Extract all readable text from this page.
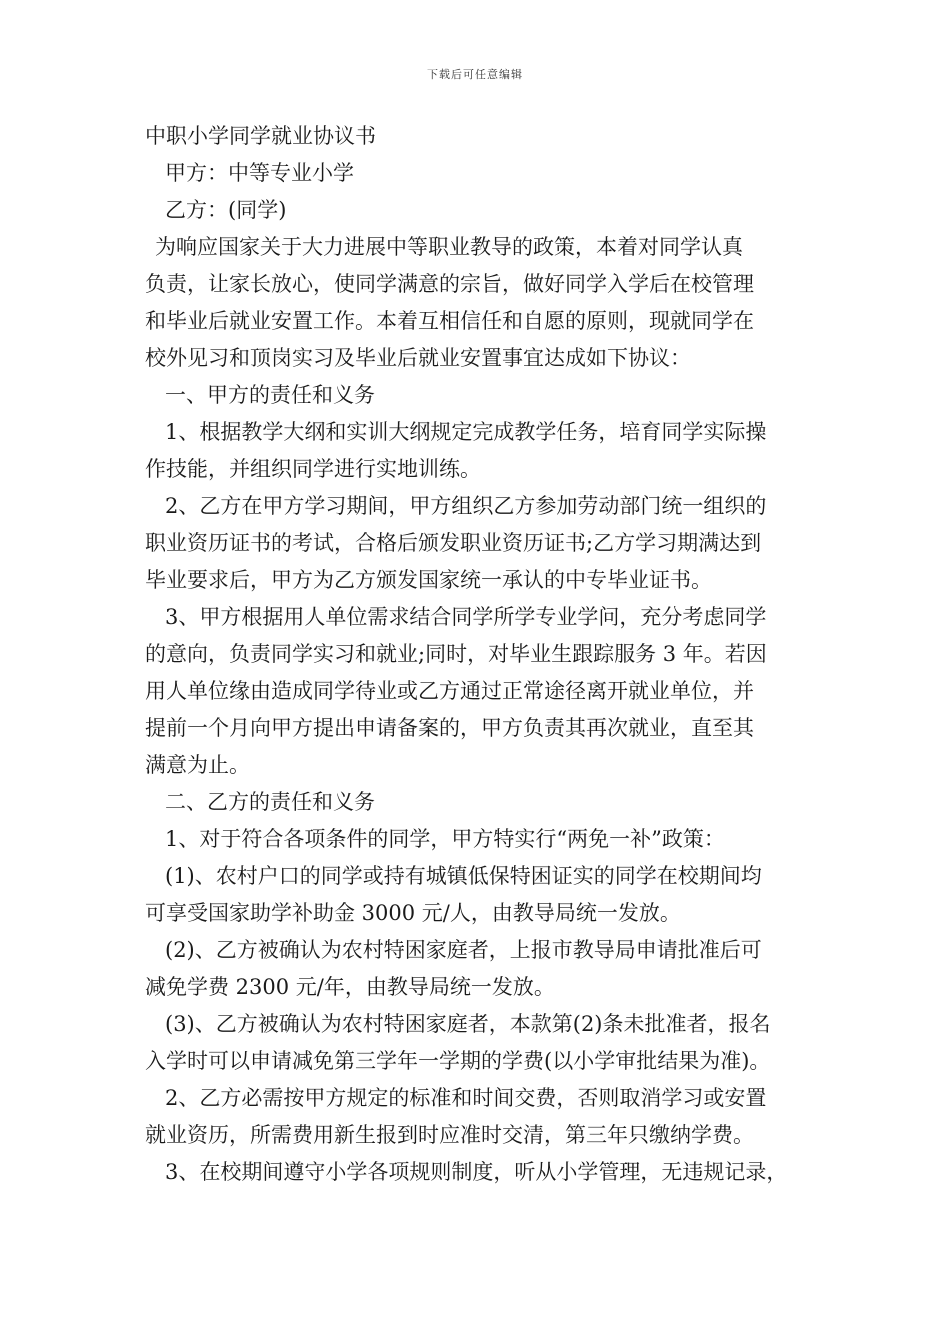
下载后可任意编辑
中职小学同学就业协议书
甲方：中等专业小学
乙方：(同学)
为响应国家关于大力进展中等职业教导的政策，本着对同学认真
负责，让家长放心，使同学满意的宗旨，做好同学入学后在校管理
和毕业后就业安置工作。本着互相信任和自愿的原则，现就同学在
校外见习和顶岗实习及毕业后就业安置事宜达成如下协议：
一、甲方的责任和义务
1、根据教学大纲和实训大纲规定完成教学任务，培育同学实际操
作技能，并组织同学进行实地训练。
2、乙方在甲方学习期间，甲方组织乙方参加劳动部门统一组织的
职业资历证书的考试，合格后颁发职业资历证书;乙方学习期满达到
毕业要求后，甲方为乙方颁发国家统一承认的中专毕业证书。
3、甲方根据用人单位需求结合同学所学专业学问，充分考虑同学
的意向，负责同学实习和就业;同时，对毕业生跟踪服务 3 年。若因
用人单位缘由造成同学待业或乙方通过正常途径离开就业单位，并
提前一个月向甲方提出申请备案的，甲方负责其再次就业，直至其
满意为止。
二、乙方的责任和义务
1、对于符合各项条件的同学，甲方特实行“两免一补”政策：
(1)、农村户口的同学或持有城镇低保特困证实的同学在校期间均
可享受国家助学补助金 3000 元/人，由教导局统一发放。
(2)、乙方被确认为农村特困家庭者，上报市教导局申请批准后可
减免学费 2300 元/年，由教导局统一发放。
(3)、乙方被确认为农村特困家庭者，本款第(2)条未批准者，报名
入学时可以申请减免第三学年一学期的学费(以小学审批结果为准)。
2、乙方必需按甲方规定的标准和时间交费，否则取消学习或安置
就业资历，所需费用新生报到时应准时交清，第三年只缴纳学费。
3、在校期间遵守小学各项规则制度，听从小学管理，无违规记录，
